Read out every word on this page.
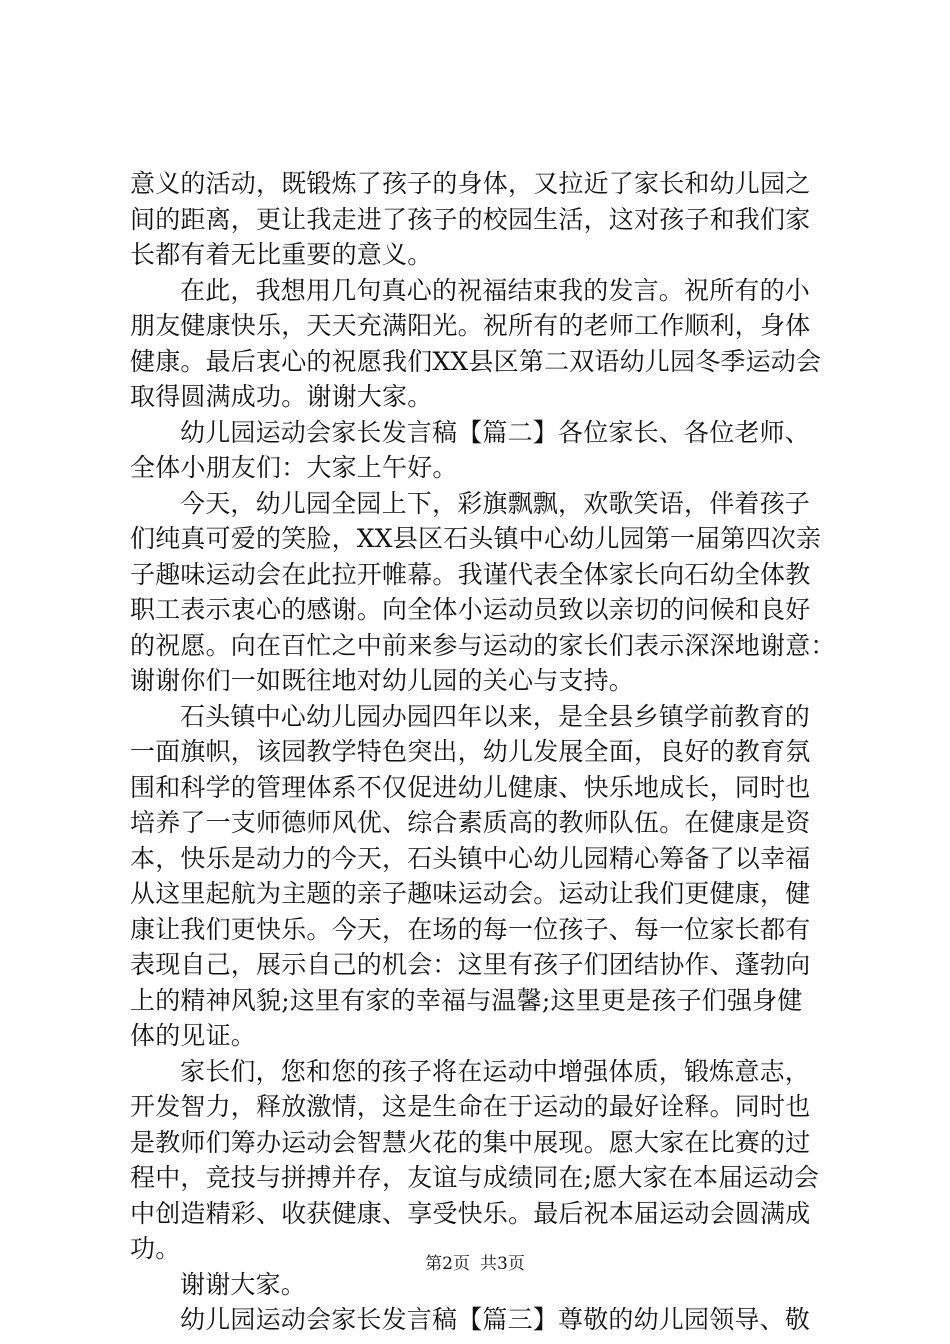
意义的活动，既锻炼了孩子的身体，又拉近了家长和幼儿园之
间的距离，更让我走进了孩子的校园生活，这对孩子和我们家
长都有着无比重要的意义。
在此，我想用几句真心的祝福结束我的发言。祝所有的小
朋友健康快乐，天天充满阳光。祝所有的老师工作顺利，身体
健康。最后衷心的祝愿我们XX县区第二双语幼儿园冬季运动会
取得圆满成功。谢谢大家。
幼儿园运动会家长发言稿【篇二】各位家长、各位老师、
全体小朋友们：大家上午好。
今天，幼儿园全园上下，彩旗飘飘，欢歌笑语，伴着孩子
们纯真可爱的笑脸，XX县区石头镇中心幼儿园第一届第四次亲
子趣味运动会在此拉开帷幕。我谨代表全体家长向石幼全体教
职工表示衷心的感谢。向全体小运动员致以亲切的问候和良好
的祝愿。向在百忙之中前来参与运动的家长们表示深深地谢意：
谢谢你们一如既往地对幼儿园的关心与支持。
石头镇中心幼儿园办园四年以来，是全县乡镇学前教育的
一面旗帜，该园教学特色突出，幼儿发展全面，良好的教育氛
围和科学的管理体系不仅促进幼儿健康、快乐地成长，同时也
培养了一支师德师风优、综合素质高的教师队伍。在健康是资
本，快乐是动力的今天，石头镇中心幼儿园精心筹备了以幸福
从这里起航为主题的亲子趣味运动会。运动让我们更健康，健
康让我们更快乐。今天，在场的每一位孩子、每一位家长都有
表现自己，展示自己的机会：这里有孩子们团结协作、蓬勃向
上的精神风貌;这里有家的幸福与温馨;这里更是孩子们强身健
体的见证。
家长们，您和您的孩子将在运动中增强体质，锻炼意志，
开发智力，释放激情，这是生命在于运动的最好诠释。同时也
是教师们筹办运动会智慧火花的集中展现。愿大家在比赛的过
程中，竞技与拼搏并存，友谊与成绩同在;愿大家在本届运动会
中创造精彩、收获健康、享受快乐。最后祝本届运动会圆满成
功。
谢谢大家。
幼儿园运动会家长发言稿【篇三】尊敬的幼儿园领导、敬
第2页 共3页
